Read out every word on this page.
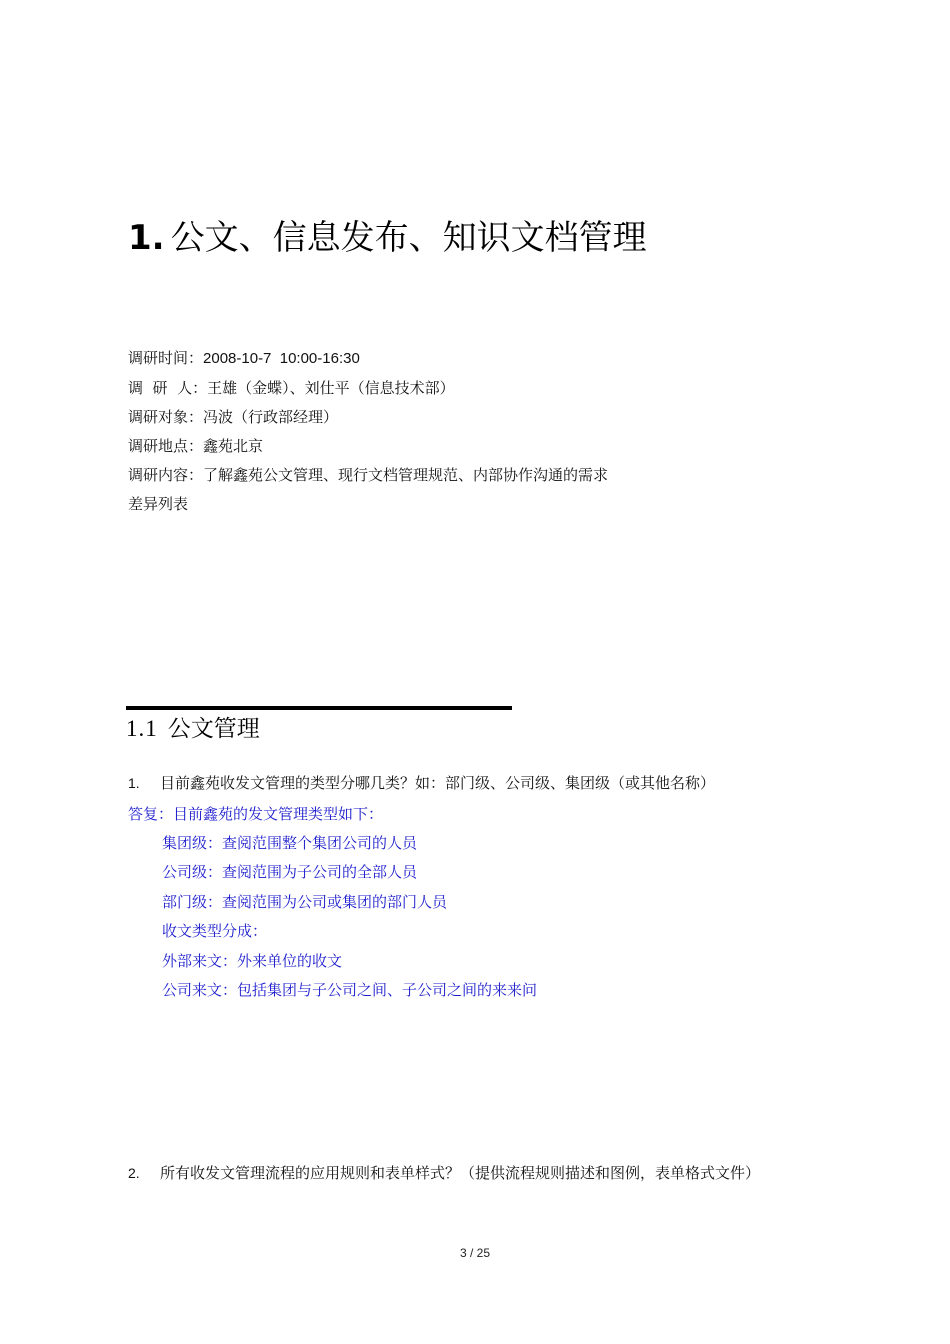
1. 公文、信息发布、知识文档管理
调研时间：2008-10-7  10:00-16:30
调  研  人：王雄（金蝶）、刘仕平（信息技术部）
调研对象：冯波（行政部经理）
调研地点：鑫苑北京
调研内容：了解鑫苑公文管理、现行文档管理规范、内部协作沟通的需求
差异列表
1.1 公文管理
1. 目前鑫苑收发文管理的类型分哪几类？如：部门级、公司级、集团级（或其他名称）
答复：目前鑫苑的发文管理类型如下：
集团级：查阅范围整个集团公司的人员
公司级：查阅范围为子公司的全部人员
部门级：查阅范围为公司或集团的部门人员
收文类型分成：
外部来文：外来单位的收文
公司来文：包括集团与子公司之间、子公司之间的来来问
2. 所有收发文管理流程的应用规则和表单样式？（提供流程规则描述和图例，表单格式文件）
3 / 25
